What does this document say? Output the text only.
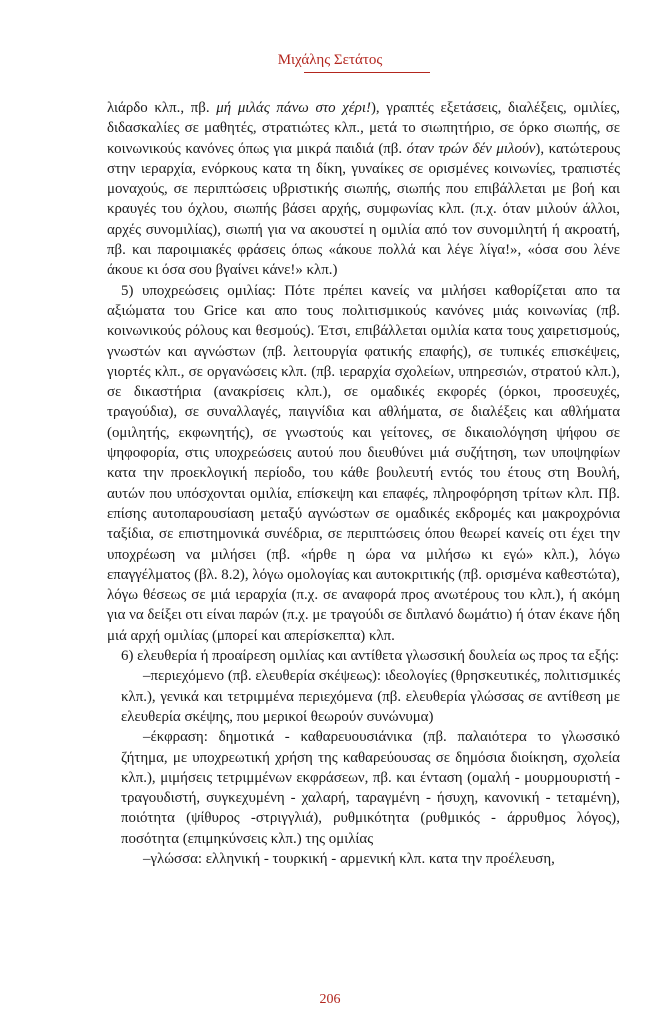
Μιχάλης Σετάτος

λιάρδο κλπ., πβ. μή μιλάς πάνω στο χέρι!), γραπτές εξετάσεις, διαλέξεις, ομιλίες, διδασκαλίες σε μαθητές, στρατιώτες κλπ., μετά το σιωπητήριο, σε όρκο σιωπής, σε κοινωνικούς κανόνες όπως για μικρά παιδιά (πβ. όταν τρών δέν μιλούν), κατώτερους στην ιεραρχία, ενόρκους κατα τη δίκη, γυναίκες σε ορισμένες κοινωνίες, τραπιστές μοναχούς, σε περιπτώσεις υβριστικής σιωπής, σιωπής που επιβάλλεται με βοή και κραυγές του όχλου, σιωπής βάσει αρχής, συμφωνίας κλπ. (π.χ. όταν μιλούν άλλοι, αρχές συνομιλίας), σιωπή για να ακουστεί η ομιλία από τον συνομιλητή ή ακροατή, πβ. και παροιμιακές φράσεις όπως «άκουε πολλά και λέγε λίγα!», «όσα σου λένε άκουε κι όσα σου βγαίνει κάνε!» κλπ.)

5) υποχρεώσεις ομιλίας: Πότε πρέπει κανείς να μιλήσει καθορίζεται απο τα αξιώματα του Grice και απο τους πολιτισμικούς κανόνες μιάς κοινωνίας (πβ. κοινωνικούς ρόλους και θεσμούς). Έτσι, επιβάλλεται ομιλία κατα τους χαιρετισμούς, γνωστών και αγνώστων (πβ. λειτουργία φατικής επαφής), σε τυπικές επισκέψεις, γιορτές κλπ., σε οργανώσεις κλπ. (πβ. ιεραρχία σχολείων, υπηρεσιών, στρατού κλπ.), σε δικαστήρια (ανακρίσεις κλπ.), σε ομαδικές εκφορές (όρκοι, προσευχές, τραγούδια), σε συναλλαγές, παιγνίδια και αθλήματα, σε διαλέξεις και αθλήματα (ομιλητής, εκφωνητής), σε γνωστούς και γείτονες, σε δικαιολόγηση ψήφου σε ψηφοφορία, στις υποχρεώσεις αυτού που διευθύνει μιά συζήτηση, των υποψηφίων κατα την προεκλογική περίοδο, του κάθε βουλευτή εντός του έτους στη Βουλή, αυτών που υπόσχονται ομιλία, επίσκεψη και επαφές, πληροφόρηση τρίτων κλπ. Πβ. επίσης αυτοπαρουσίαση μεταξύ αγνώστων σε ομαδικές εκδρομές και μακροχρόνια ταξίδια, σε επιστημονικά συνέδρια, σε περιπτώσεις όπου θεωρεί κανείς οτι έχει την υποχρέωση να μιλήσει (πβ. «ήρθε η ώρα να μιλήσω κι εγώ» κλπ.), λόγω επαγγέλματος (βλ. 8.2), λόγω ομολογίας και αυτοκριτικής (πβ. ορισμένα καθεστώτα), λόγω θέσεως σε μιά ιεραρχία (π.χ. σε αναφορά προς ανωτέρους του κλπ.), ή ακόμη για να δείξει οτι είναι παρών (π.χ. με τραγούδι σε διπλανό δωμάτιο) ή όταν έκανε ήδη μιά αρχή ομιλίας (μπορεί και απερίσκεπτα) κλπ.

6) ελευθερία ή προαίρεση ομιλίας και αντίθετα γλωσσική δουλεία ως προς τα εξής:

–περιεχόμενο (πβ. ελευθερία σκέψεως): ιδεολογίες (θρησκευτικές, πολιτισμικές κλπ.), γενικά και τετριμμένα περιεχόμενα (πβ. ελευθερία γλώσσας σε αντίθεση με ελευθερία σκέψης, που μερικοί θεωρούν συνώνυμα)

–έκφραση: δημοτικά - καθαρευουσιάνικα (πβ. παλαιότερα το γλωσσικό ζήτημα, με υποχρεωτική χρήση της καθαρεύουσας σε δημόσια διοίκηση, σχολεία κλπ.), μιμήσεις τετριμμένων εκφράσεων, πβ. και ένταση (ομαλή - μουρμουριστή - τραγουδιστή, συγκεχυμένη - χαλαρή, ταραγμένη - ήσυχη, κανονική - τεταμένη), ποιότητα (ψίθυρος -στριγγλιά), ρυθμικότητα (ρυθμικός - άρρυθμος λόγος), ποσότητα (επιμηκύνσεις κλπ.) της ομιλίας

–γλώσσα: ελληνική - τουρκική - αρμενική κλπ. κατα την προέλευση,

206
